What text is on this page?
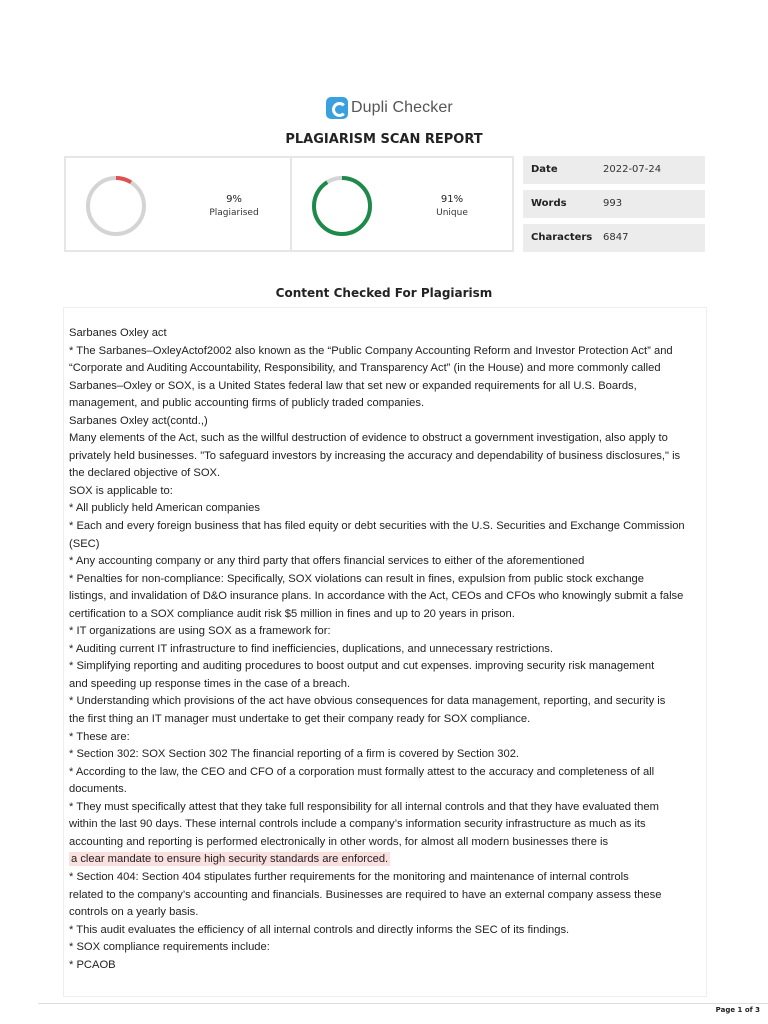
Dupli Checker
PLAGIARISM SCAN REPORT
9%
Plagiarised
91%
Unique
Date	2022-07-24
Words	993
Characters 6847
Content Checked For Plagiarism
Sarbanes Oxley act
* The Sarbanes–OxleyActof2002 also known as the “Public Company Accounting Reform and Investor Protection Act” and
“Corporate and Auditing Accountability, Responsibility, and Transparency Act” (in the House) and more commonly called
Sarbanes–Oxley or SOX, is a United States federal law that set new or expanded requirements for all U.S. Boards,
management, and public accounting firms of publicly traded companies.
Sarbanes Oxley act(contd.,)
Many elements of the Act, such as the willful destruction of evidence to obstruct a government investigation, also apply to
privately held businesses. "To safeguard investors by increasing the accuracy and dependability of business disclosures," is
the declared objective of SOX.
SOX is applicable to:
* All publicly held American companies
* Each and every foreign business that has filed equity or debt securities with the U.S. Securities and Exchange Commission
(SEC)
* Any accounting company or any third party that offers financial services to either of the aforementioned
* Penalties for non-compliance: Specifically, SOX violations can result in fines, expulsion from public stock exchange
listings, and invalidation of D&O insurance plans. In accordance with the Act, CEOs and CFOs who knowingly submit a false
certification to a SOX compliance audit risk $5 million in fines and up to 20 years in prison.
* IT organizations are using SOX as a framework for:
* Auditing current IT infrastructure to find inefficiencies, duplications, and unnecessary restrictions.
* Simplifying reporting and auditing procedures to boost output and cut expenses. improving security risk management
and speeding up response times in the case of a breach.
* Understanding which provisions of the act have obvious consequences for data management, reporting, and security is
the first thing an IT manager must undertake to get their company ready for SOX compliance.
* These are:
* Section 302: SOX Section 302 The financial reporting of a firm is covered by Section 302.
* According to the law, the CEO and CFO of a corporation must formally attest to the accuracy and completeness of all
documents.
* They must specifically attest that they take full responsibility for all internal controls and that they have evaluated them
within the last 90 days. These internal controls include a company’s information security infrastructure as much as its
accounting and reporting is performed electronically in other words, for almost all modern businesses there is
a clear mandate to ensure high security standards are enforced.
* Section 404: Section 404 stipulates further requirements for the monitoring and maintenance of internal controls
related to the company’s accounting and financials. Businesses are required to have an external company assess these
controls on a yearly basis.
* This audit evaluates the efficiency of all internal controls and directly informs the SEC of its findings.
* SOX compliance requirements include:
* PCAOB
Page 1 of 3
